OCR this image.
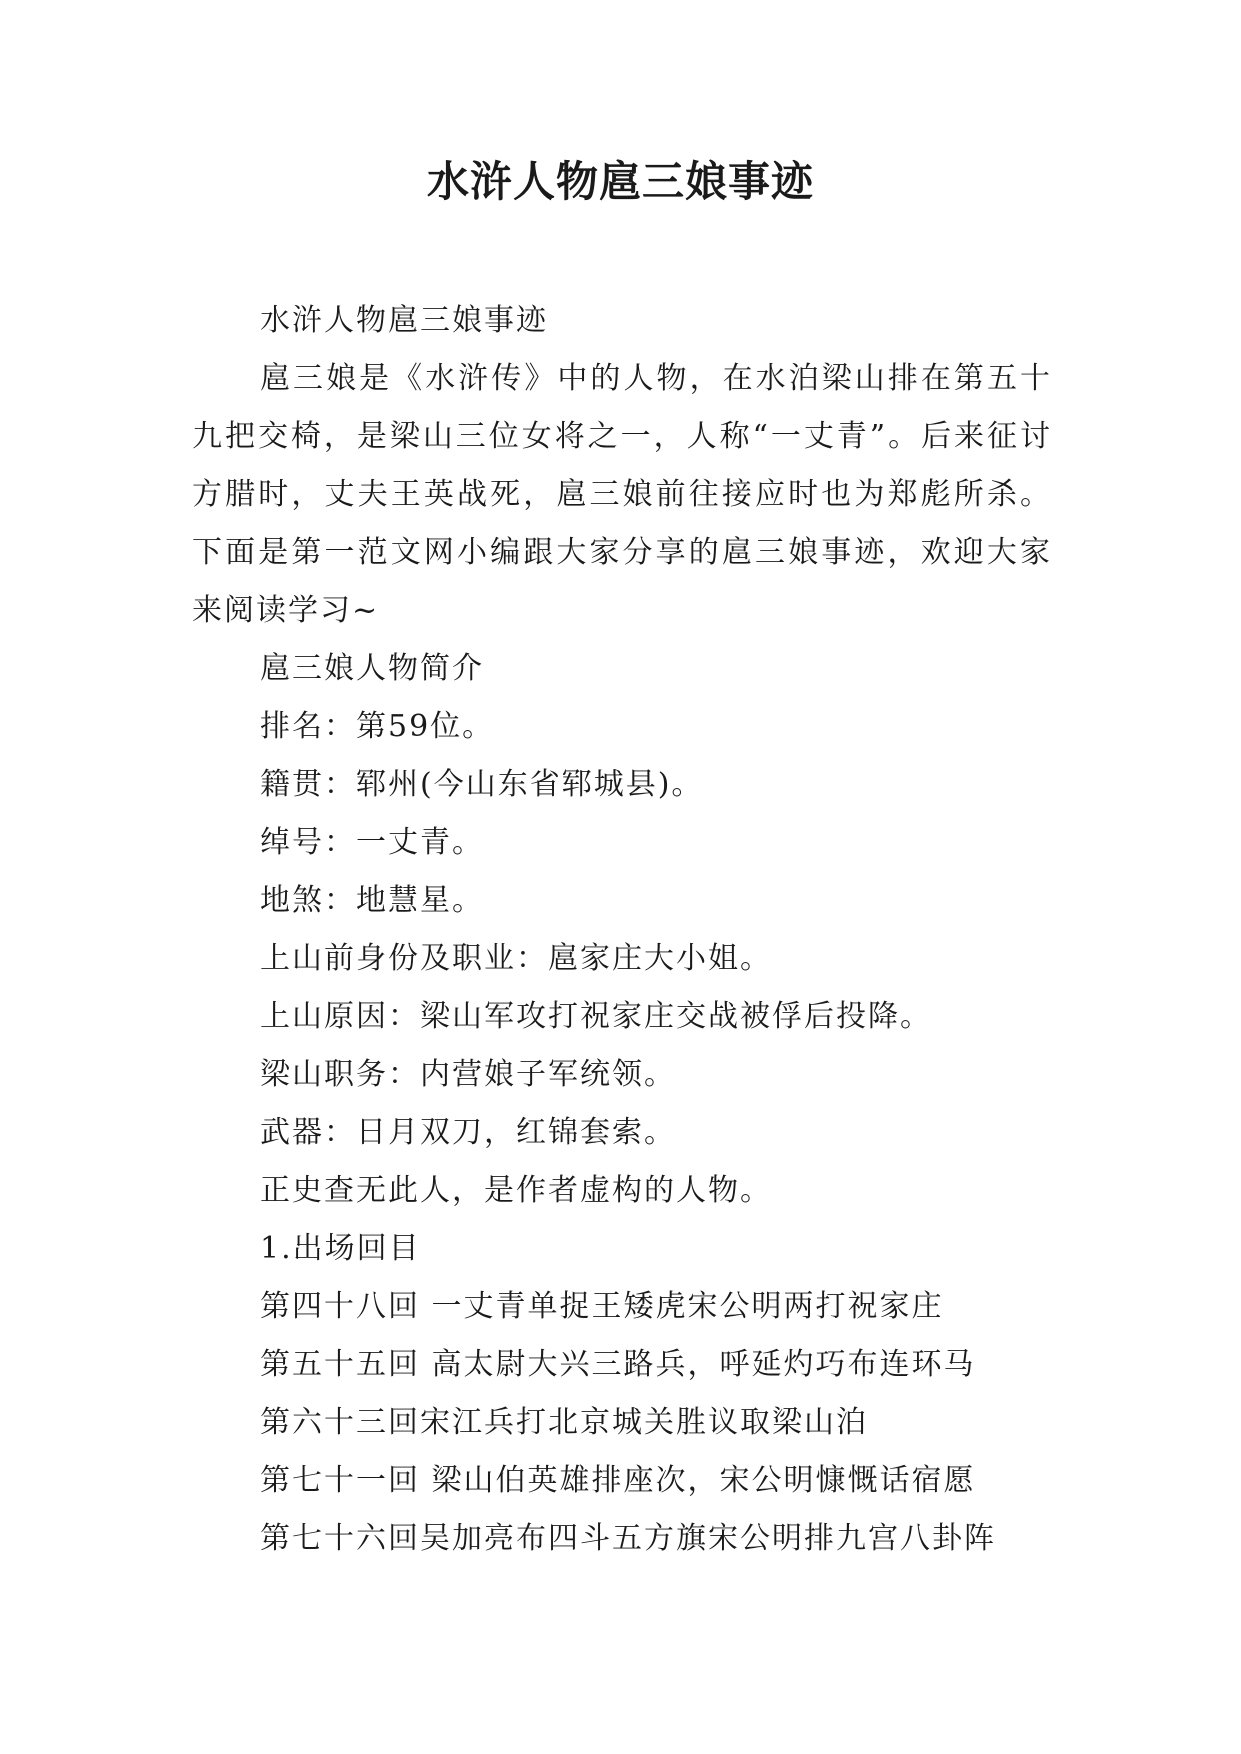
水浒人物扈三娘事迹

水浒人物扈三娘事迹

扈三娘是《水浒传》中的人物，在水泊梁山排在第五十九把交椅，是梁山三位女将之一，人称“一丈青”。后来征讨方腊时，丈夫王英战死，扈三娘前往接应时也为郑彪所杀。下面是第一范文网小编跟大家分享的扈三娘事迹，欢迎大家来阅读学习~

扈三娘人物简介

排名：第59位。

籍贯：郓州(今山东省郓城县)。

绰号：一丈青。

地煞：地慧星。

上山前身份及职业：扈家庄大小姐。

上山原因：梁山军攻打祝家庄交战被俘后投降。

梁山职务：内营娘子军统领。

武器：日月双刀，红锦套索。

正史查无此人，是作者虚构的人物。

1.出场回目

第四十八回 一丈青单捉王矮虎宋公明两打祝家庄

第五十五回 高太尉大兴三路兵，呼延灼巧布连环马

第六十三回宋江兵打北京城关胜议取梁山泊

第七十一回 梁山伯英雄排座次，宋公明慷慨话宿愿

第七十六回吴加亮布四斗五方旗宋公明排九宫八卦阵
